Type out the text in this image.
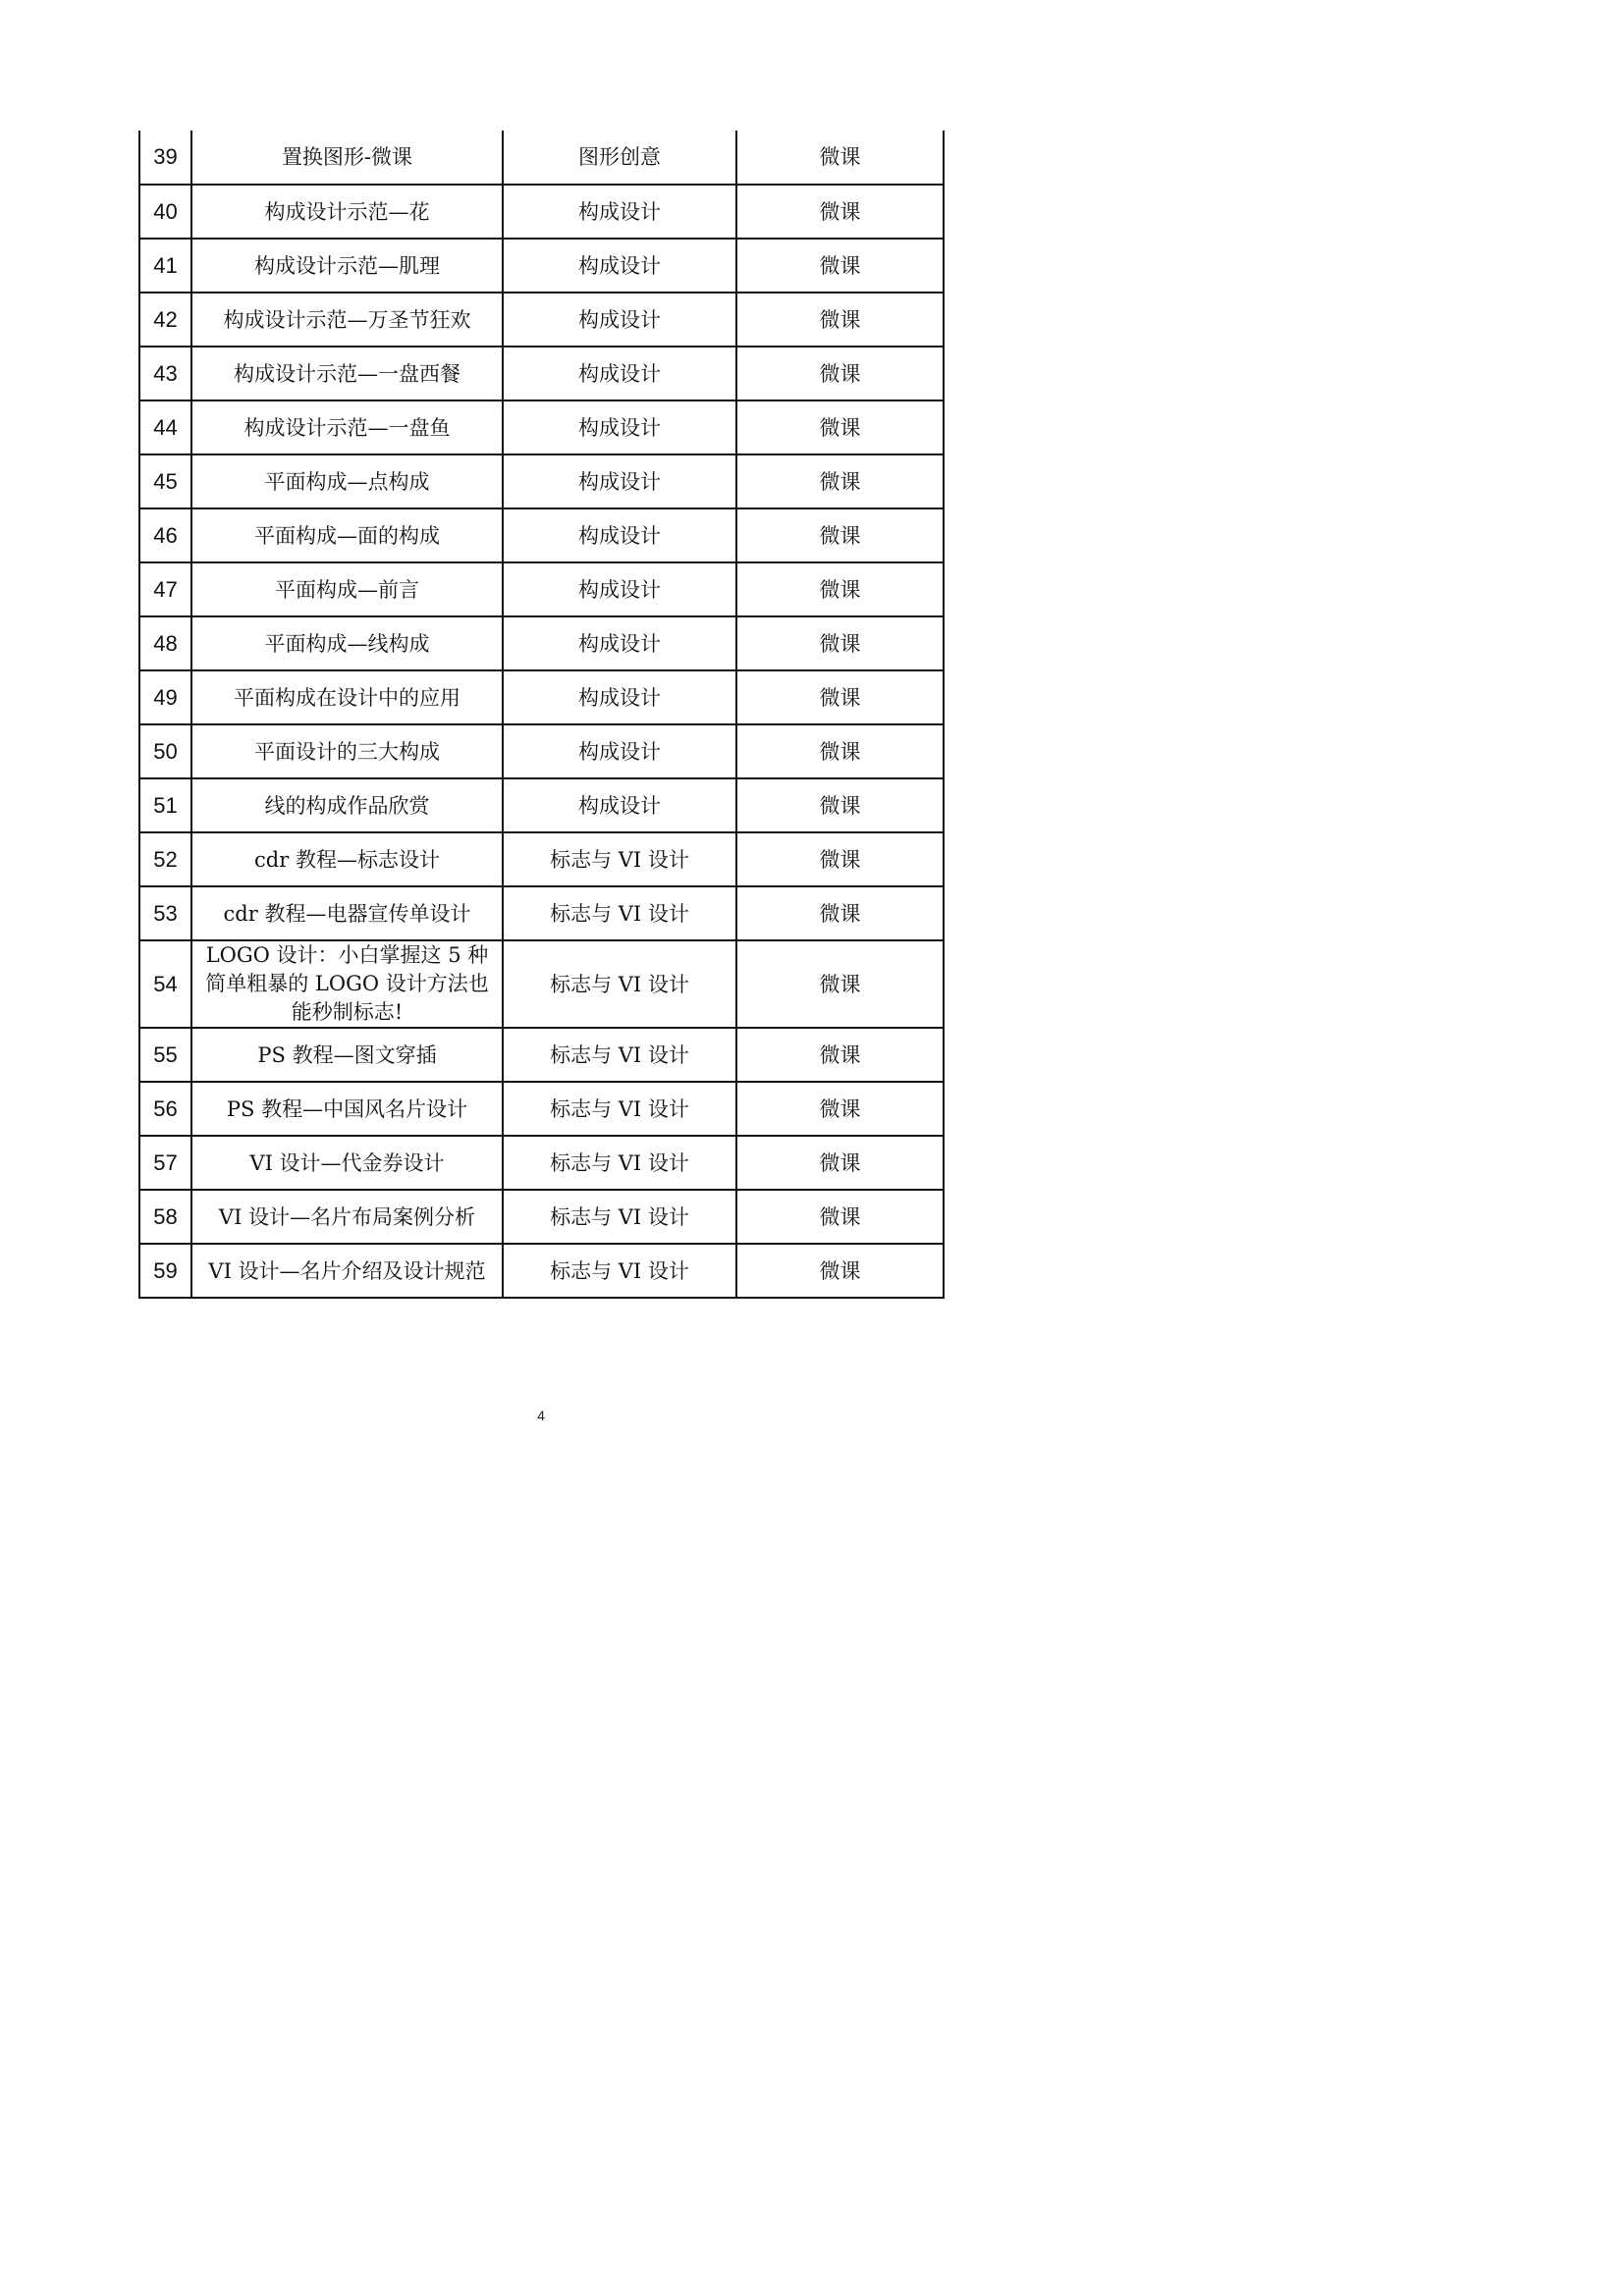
39	置换图形-微课	图形创意	微课
40	构成设计示范—花	构成设计	微课
41	构成设计示范—肌理	构成设计	微课
42	构成设计示范—万圣节狂欢	构成设计	微课
43	构成设计示范—一盘西餐	构成设计	微课
44	构成设计示范—一盘鱼	构成设计	微课
45	平面构成—点构成	构成设计	微课
46	平面构成—面的构成	构成设计	微课
47	平面构成—前言	构成设计	微课
48	平面构成—线构成	构成设计	微课
49	平面构成在设计中的应用	构成设计	微课
50	平面设计的三大构成	构成设计	微课
51	线的构成作品欣赏	构成设计	微课
52	cdr 教程—标志设计	标志与 VI 设计	微课
53	cdr 教程—电器宣传单设计	标志与 VI 设计	微课
54	LOGO 设计：小白掌握这 5 种简单粗暴的 LOGO 设计方法也能秒制标志!	标志与 VI 设计	微课
55	PS 教程—图文穿插	标志与 VI 设计	微课
56	PS 教程—中国风名片设计	标志与 VI 设计	微课
57	VI 设计—代金券设计	标志与 VI 设计	微课
58	VI 设计—名片布局案例分析	标志与 VI 设计	微课
59	VI 设计—名片介绍及设计规范	标志与 VI 设计	微课
4
